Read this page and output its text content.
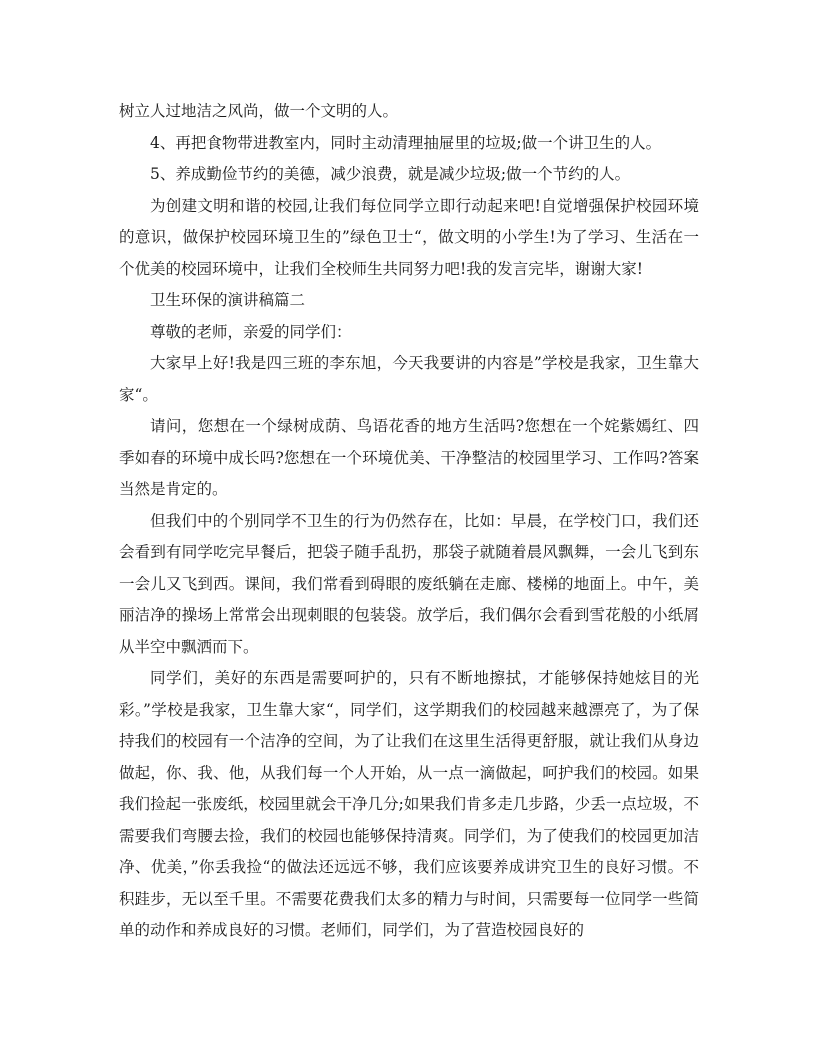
树立人过地洁之风尚，做一个文明的人。

4、再把食物带进教室内，同时主动清理抽屉里的垃圾;做一个讲卫生的人。

5、养成勤俭节约的美德，减少浪费，就是减少垃圾;做一个节约的人。

为创建文明和谐的校园,让我们每位同学立即行动起来吧!自觉增强保护校园环境的意识，做保护校园环境卫生的”绿色卫士“，做文明的小学生!为了学习、生活在一个优美的校园环境中，让我们全校师生共同努力吧!我的发言完毕，谢谢大家!

卫生环保的演讲稿篇二

尊敬的老师，亲爱的同学们：

大家早上好!我是四三班的李东旭，今天我要讲的内容是”学校是我家，卫生靠大家“。

请问，您想在一个绿树成荫、鸟语花香的地方生活吗?您想在一个姹紫嫣红、四季如春的环境中成长吗?您想在一个环境优美、干净整洁的校园里学习、工作吗?答案当然是肯定的。

但我们中的个别同学不卫生的行为仍然存在，比如：早晨，在学校门口，我们还会看到有同学吃完早餐后，把袋子随手乱扔，那袋子就随着晨风飘舞，一会儿飞到东一会儿又飞到西。课间，我们常看到碍眼的废纸躺在走廊、楼梯的地面上。中午，美丽洁净的操场上常常会出现刺眼的包装袋。放学后，我们偶尔会看到雪花般的小纸屑从半空中飘洒而下。

同学们，美好的东西是需要呵护的，只有不断地擦拭，才能够保持她炫目的光彩。”学校是我家，卫生靠大家“，同学们，这学期我们的校园越来越漂亮了，为了保持我们的校园有一个洁净的空间，为了让我们在这里生活得更舒服，就让我们从身边做起，你、我、他，从我们每一个人开始，从一点一滴做起，呵护我们的校园。如果我们捡起一张废纸，校园里就会干净几分;如果我们肯多走几步路，少丢一点垃圾，不需要我们弯腰去捡，我们的校园也能够保持清爽。同学们，为了使我们的校园更加洁净、优美，”你丢我捡“的做法还远远不够，我们应该要养成讲究卫生的良好习惯。不积跬步，无以至千里。不需要花费我们太多的精力与时间，只需要每一位同学一些简单的动作和养成良好的习惯。老师们，同学们，为了营造校园良好的
